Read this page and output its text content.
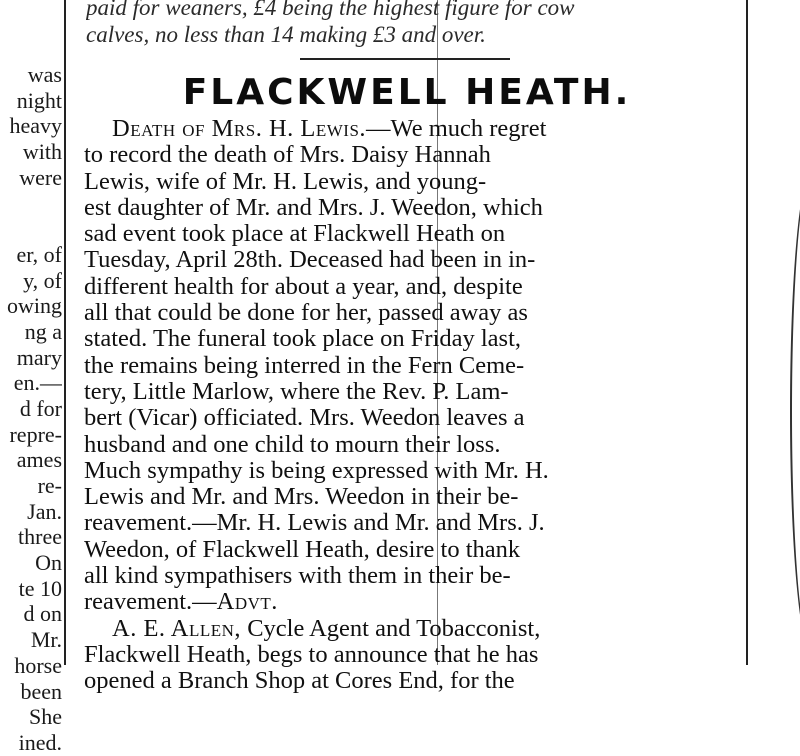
was
night
heavy
with
were
er, of
y, of
owing
ng a
mary
en.—
d for
repre-
ames
re-
Jan.
three
On
te 10
d on
Mr.
horse
been
She
ined.
paid for weaners, £4 being the highest figure for cow
calves, no less than 14 making £3 and over.
FLACKWELL HEATH.
Death of Mrs. H. Lewis.—We much regret
to record the death of Mrs. Daisy Hannah
Lewis, wife of Mr. H. Lewis, and young-
est daughter of Mr. and Mrs. J. Weedon, which
sad event took place at Flackwell Heath on
Tuesday, April 28th. Deceased had been in in-
different health for about a year, and, despite
all that could be done for her, passed away as
stated. The funeral took place on Friday last,
the remains being interred in the Fern Ceme-
tery, Little Marlow, where the Rev. P. Lam-
bert (Vicar) officiated. Mrs. Weedon leaves a
husband and one child to mourn their loss.
Much sympathy is being expressed with Mr. H.
Lewis and Mr. and Mrs. Weedon in their be-
reavement.—Mr. H. Lewis and Mr. and Mrs. J.
Weedon, of Flackwell Heath, desire to thank
all kind sympathisers with them in their be-
reavement.—Advt.
A. E. Allen, Cycle Agent and Tobacconist,
Flackwell Heath, begs to announce that he has
opened a Branch Shop at Cores End, for the
